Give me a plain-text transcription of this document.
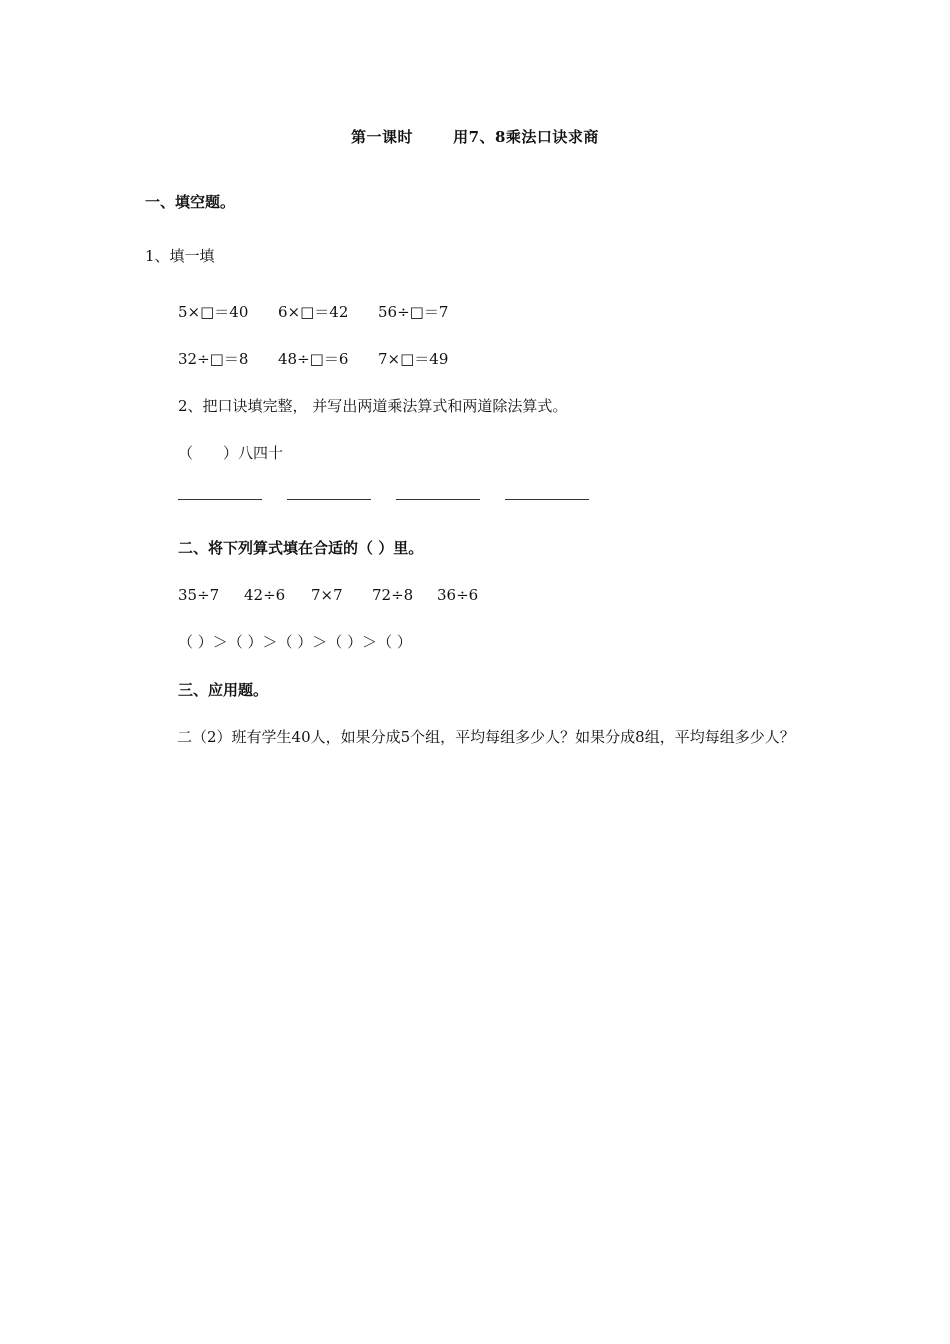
第一课时	用7、8乘法口诀求商
一、填空题。
1、填一填
5×□＝40 6×□＝42 56÷□＝7
32÷□＝8 48÷□＝6 7×□＝49
2、把口诀填完整， 并写出两道乘法算式和两道除法算式。
（　　）八四十
二、将下列算式填在合适的（ ）里。
35÷7 42÷6 7×7 72÷8 36÷6
（ ）＞（ ）＞（ ）＞（ ）＞（ ）
三、应用题。
二（2）班有学生40人，如果分成5个组，平均每组多少人？如果分成8组，平均每组多少人？
